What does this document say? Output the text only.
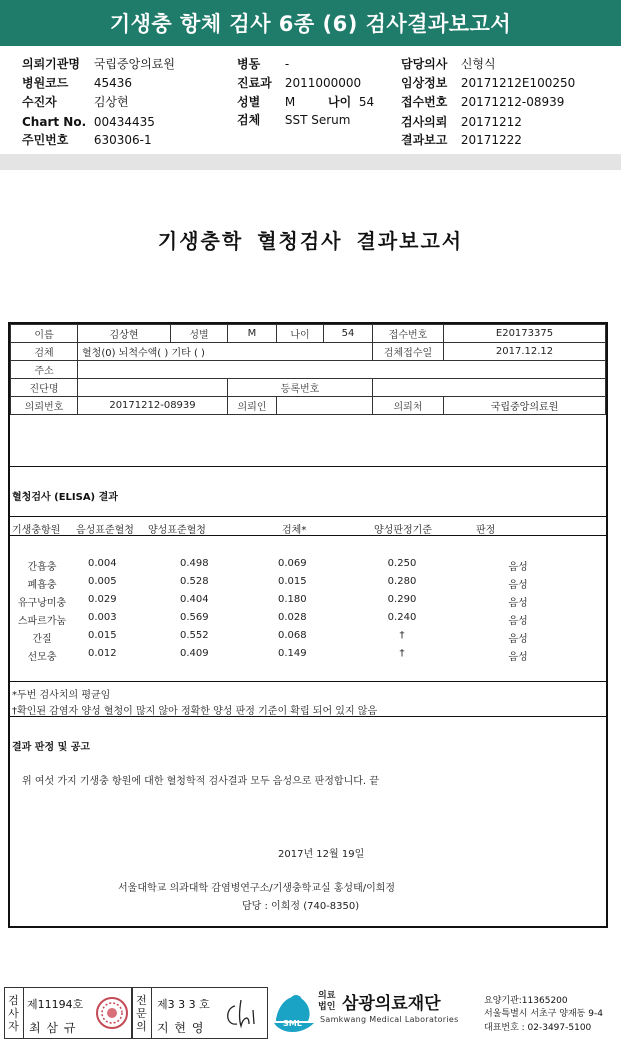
기생충 항체 검사 6종 (6) 검사결과보고서
의뢰기관명 국립중앙의료원
병원코드 45436
수진자	김상현
Chart No. 00434435
주민번호 630306-1
병동 -
진료과 2011000000
성별 M	나이 54
검체 SST Serum
담당의사 신형식
임상정보 20171212E100250
접수번호 20171212-08939
검사의뢰 20171212
결과보고 20171222
기생충학 혈청검사 결과보고서
이름	김상현	성별	M	나이	54	접수번호	E20173375
검체	혈청(0) 뇌척수액( ) 기타 ( )					검체접수일	2017.12.12
주소							
진단명			등록번호				
의뢰번호	20171212-08939		의뢰인			의뢰처	국립중앙의료원
혈청검사 (ELISA) 결과
기생충항원 음성표준혈청 양성표준혈청	검체*	양성판정기준	판정
간흡충	0.004	0.498	0.069	0.250	음성
폐흡충	0.005	0.528	0.015	0.280	음성
유구낭미충	0.029	0.404	0.180	0.290	음성
스파르가눔	0.003	0.569	0.028	0.240	음성
간질	0.015	0.552	0.068	†	음성
선모충	0.012	0.409	0.149	†	음성
*두번 검사치의 평균임
†확인된 감염자 양성 혈청이 많지 않아 정확한 양성 판정 기준이 확립 되어 있지 않음
결과 판정 및 공고
위 여섯 가지 기생충 항원에 대한 혈청학적 검사결과 모두 음성으로 판정합니다. 끝
2017년 12월 19일
서울대학교 의과대학 감염병연구소/기생충학교실 홍성태/이희정
담당 : 이희정 (740-8350)
검사자
제11194호
최 삼 규
전문의
제3 3 3 호
지 현 영	SML
의료법인 삼광의료재단
Samkwang Medical Laboratories
요양기관:11365200
서울특별시 서초구 양재동 9-4
대표번호 : 02-3497-5100
